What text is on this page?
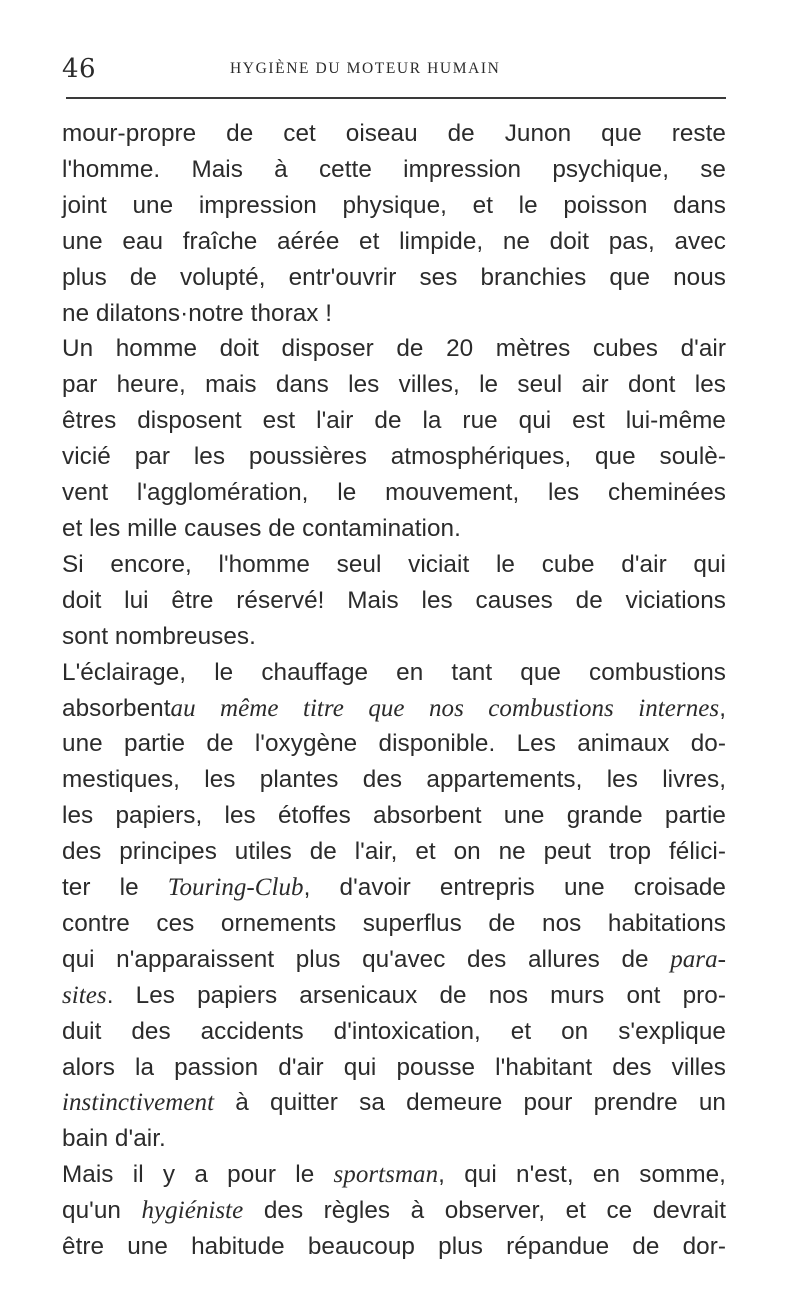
46	HYGIÈNE DU MOTEUR HUMAIN
mour-propre de cet oiseau de Junon que reste
l'homme. Mais à cette impression psychique, se
joint une impression physique, et le poisson dans
une eau fraîche aérée et limpide, ne doit pas, avec
plus de volupté, entr'ouvrir ses branchies que nous
ne dilatons·notre thorax !
Un homme doit disposer de 20 mètres cubes d'air
par heure, mais dans les villes, le seul air dont les
êtres disposent est l'air de la rue qui est lui-même
vicié par les poussières atmosphériques, que soulè-
vent l'agglomération, le mouvement, les cheminées
et les mille causes de contamination.
Si encore, l'homme seul viciait le cube d'air qui
doit lui être réservé! Mais les causes de viciations
sont nombreuses.
L'éclairage, le chauffage en tant que combustions
absorbentau même titre que nos combustions internes,
une partie de l'oxygène disponible. Les animaux do-
mestiques, les plantes des appartements, les livres,
les papiers, les étoffes absorbent une grande partie
des principes utiles de l'air, et on ne peut trop félici-
ter le Touring-Club, d'avoir entrepris une croisade
contre ces ornements superflus de nos habitations
qui n'apparaissent plus qu'avec des allures de para-
sites. Les papiers arsenicaux de nos murs ont pro-
duit des accidents d'intoxication, et on s'explique
alors la passion d'air qui pousse l'habitant des villes
instinctivement à quitter sa demeure pour prendre un
bain d'air.
Mais il y a pour le sportsman, qui n'est, en somme,
qu'un hygiéniste des règles à observer, et ce devrait
être une habitude beaucoup plus répandue de dor-
